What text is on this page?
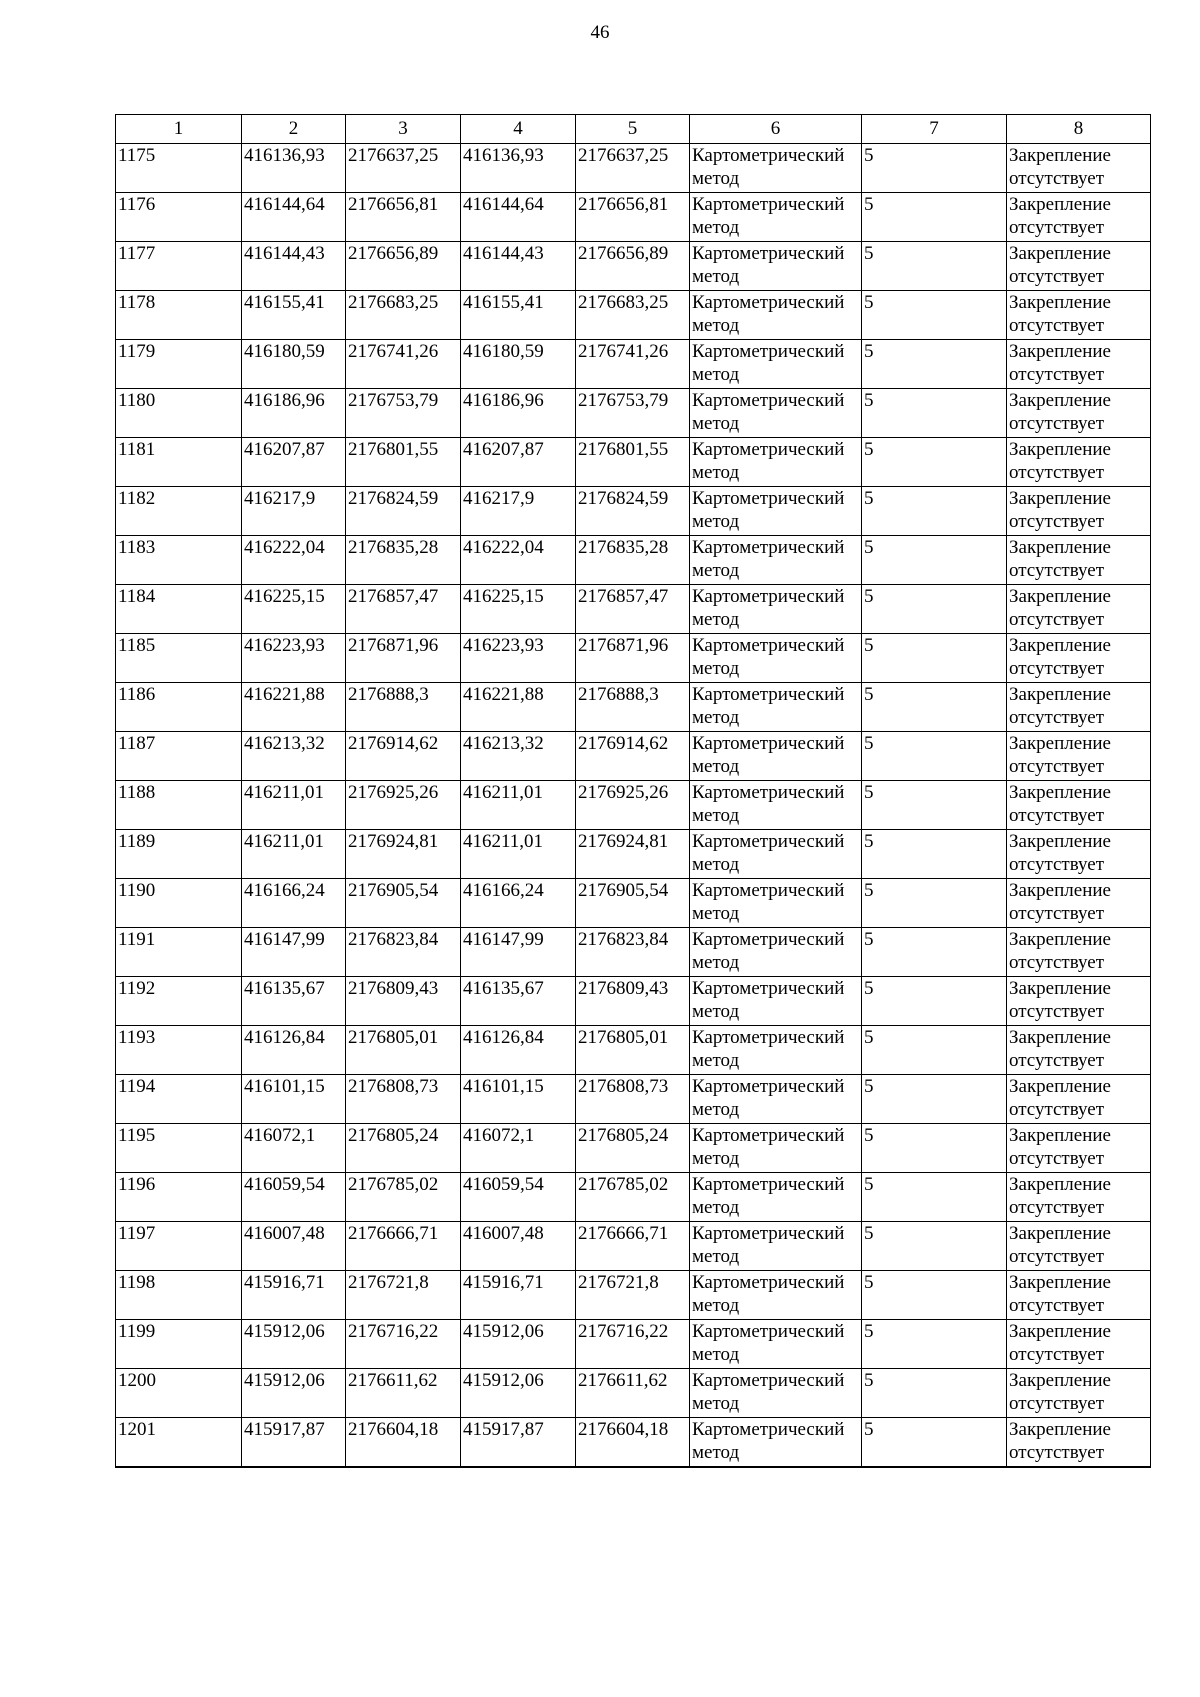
46
1	2	3	4	5	6	7	8
1175	416136,93	2176637,25	416136,93	2176637,25	Картометрический метод	5	Закрепление отсутствует
1176	416144,64	2176656,81	416144,64	2176656,81	Картометрический метод	5	Закрепление отсутствует
1177	416144,43	2176656,89	416144,43	2176656,89	Картометрический метод	5	Закрепление отсутствует
1178	416155,41	2176683,25	416155,41	2176683,25	Картометрический метод	5	Закрепление отсутствует
1179	416180,59	2176741,26	416180,59	2176741,26	Картометрический метод	5	Закрепление отсутствует
1180	416186,96	2176753,79	416186,96	2176753,79	Картометрический метод	5	Закрепление отсутствует
1181	416207,87	2176801,55	416207,87	2176801,55	Картометрический метод	5	Закрепление отсутствует
1182	416217,9	2176824,59	416217,9	2176824,59	Картометрический метод	5	Закрепление отсутствует
1183	416222,04	2176835,28	416222,04	2176835,28	Картометрический метод	5	Закрепление отсутствует
1184	416225,15	2176857,47	416225,15	2176857,47	Картометрический метод	5	Закрепление отсутствует
1185	416223,93	2176871,96	416223,93	2176871,96	Картометрический метод	5	Закрепление отсутствует
1186	416221,88	2176888,3	416221,88	2176888,3	Картометрический метод	5	Закрепление отсутствует
1187	416213,32	2176914,62	416213,32	2176914,62	Картометрический метод	5	Закрепление отсутствует
1188	416211,01	2176925,26	416211,01	2176925,26	Картометрический метод	5	Закрепление отсутствует
1189	416211,01	2176924,81	416211,01	2176924,81	Картометрический метод	5	Закрепление отсутствует
1190	416166,24	2176905,54	416166,24	2176905,54	Картометрический метод	5	Закрепление отсутствует
1191	416147,99	2176823,84	416147,99	2176823,84	Картометрический метод	5	Закрепление отсутствует
1192	416135,67	2176809,43	416135,67	2176809,43	Картометрический метод	5	Закрепление отсутствует
1193	416126,84	2176805,01	416126,84	2176805,01	Картометрический метод	5	Закрепление отсутствует
1194	416101,15	2176808,73	416101,15	2176808,73	Картометрический метод	5	Закрепление отсутствует
1195	416072,1	2176805,24	416072,1	2176805,24	Картометрический метод	5	Закрепление отсутствует
1196	416059,54	2176785,02	416059,54	2176785,02	Картометрический метод	5	Закрепление отсутствует
1197	416007,48	2176666,71	416007,48	2176666,71	Картометрический метод	5	Закрепление отсутствует
1198	415916,71	2176721,8	415916,71	2176721,8	Картометрический метод	5	Закрепление отсутствует
1199	415912,06	2176716,22	415912,06	2176716,22	Картометрический метод	5	Закрепление отсутствует
1200	415912,06	2176611,62	415912,06	2176611,62	Картометрический метод	5	Закрепление отсутствует
1201	415917,87	2176604,18	415917,87	2176604,18	Картометрический метод	5	Закрепление отсутствует
